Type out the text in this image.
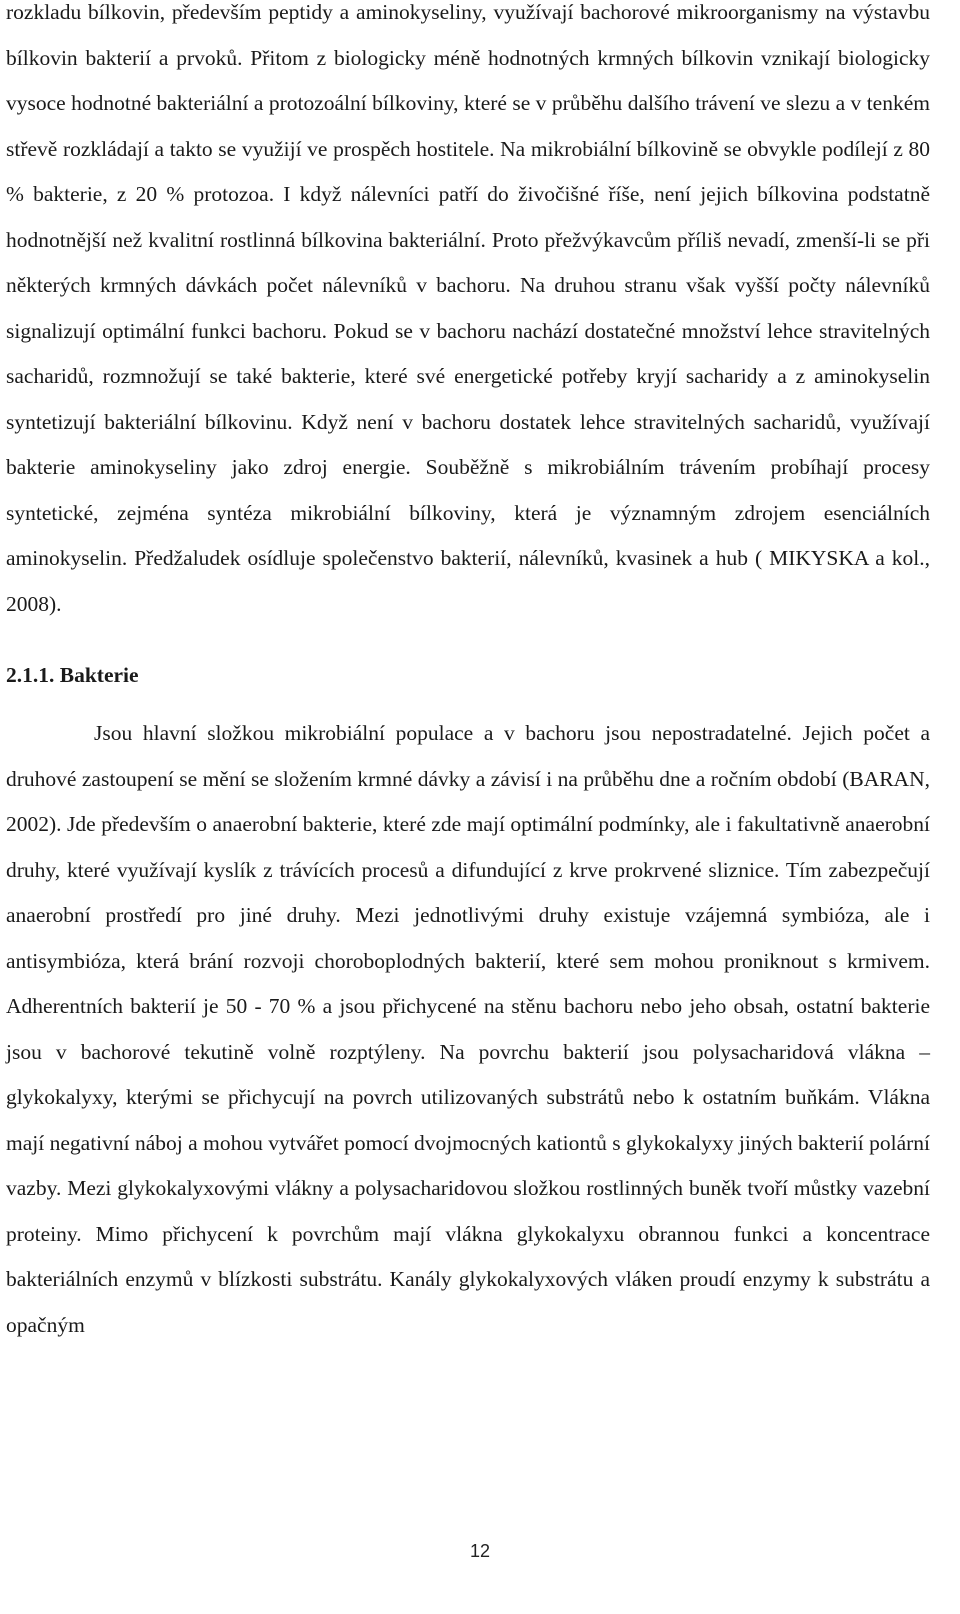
rozkladu bílkovin, především peptidy a aminokyseliny, využívají bachorové mikroorganismy na výstavbu bílkovin bakterií a prvoků. Přitom z biologicky méně hodnotných krmných bílkovin vznikají biologicky vysoce hodnotné bakteriální a protozoální bílkoviny, které se v průběhu dalšího trávení ve slezu a v tenkém střevě rozkládají a takto se využijí ve prospěch hostitele. Na mikrobiální bílkovině se obvykle podílejí z 80 % bakterie, z 20 % protozoa. I když nálevníci patří do živočišné říše, není jejich bílkovina podstatně hodnotnější než kvalitní rostlinná bílkovina bakteriální. Proto přežvýkavcům příliš nevadí, zmenší-li se při některých krmných dávkách počet nálevníků v bachoru. Na druhou stranu však vyšší počty nálevníků signalizují optimální funkci bachoru. Pokud se v bachoru nachází dostatečné množství lehce stravitelných sacharidů, rozmnožují se také bakterie, které své energetické potřeby kryjí sacharidy a z aminokyselin syntetizují bakteriální bílkovinu. Když není v bachoru dostatek lehce stravitelných sacharidů, využívají bakterie aminokyseliny jako zdroj energie. Souběžně s mikrobiálním trávením probíhají procesy syntetické, zejména syntéza mikrobiální bílkoviny, která je významným zdrojem esenciálních aminokyselin. Předžaludek osídluje společenstvo bakterií, nálevníků, kvasinek a hub ( MIKYSKA a kol., 2008).

2.1.1. Bakterie

Jsou hlavní složkou mikrobiální populace a v bachoru jsou nepostradatelné. Jejich počet a druhové zastoupení se mění se složením krmné dávky a závisí i na průběhu dne a ročním období (BARAN, 2002). Jde především o anaerobní bakterie, které zde mají optimální podmínky, ale i fakultativně anaerobní druhy, které využívají kyslík z trávících procesů a difundující z krve prokrvené sliznice. Tím zabezpečují anaerobní prostředí pro jiné druhy. Mezi jednotlivými druhy existuje vzájemná symbióza, ale i antisymbióza, která brání rozvoji choroboplodných bakterií, které sem mohou proniknout s krmivem. Adherentních bakterií je 50 - 70 % a jsou přichycené na stěnu bachoru nebo jeho obsah, ostatní bakterie jsou v bachorové tekutině volně rozptýleny. Na povrchu bakterií jsou polysacharidová vlákna – glykokalyxy, kterými se přichycují na povrch utilizovaných substrátů nebo k ostatním buňkám. Vlákna mají negativní náboj a mohou vytvářet pomocí dvojmocných kationtů s glykokalyxy jiných bakterií polární vazby. Mezi glykokalyxovými vlákny a polysacharidovou složkou rostlinných buněk tvoří můstky vazební proteiny. Mimo přichycení k povrchům mají vlákna glykokalyxu obrannou funkci a koncentrace bakteriálních enzymů v blízkosti substrátu. Kanály glykokalyxových vláken proudí enzymy k substrátu a opačným

12
